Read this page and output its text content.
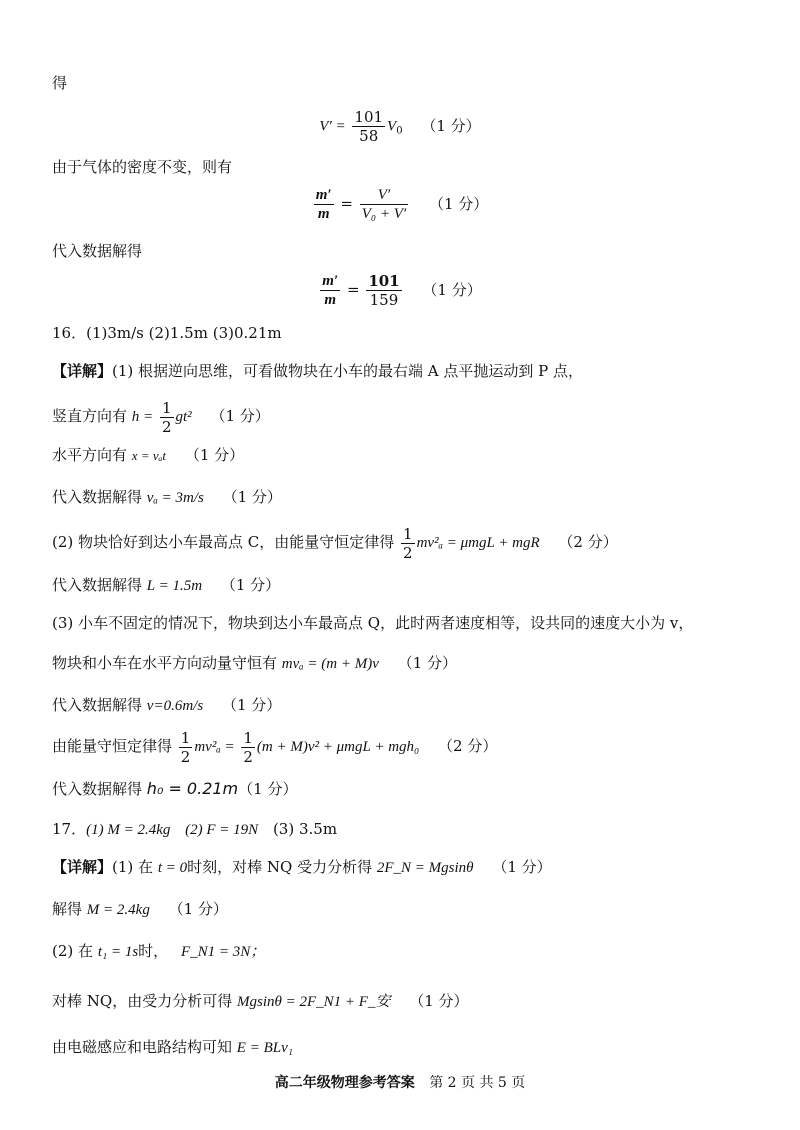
得
$V' = \frac{101}{58} V_0$ （1 分）
由于气体的密度不变，则有
$\frac{m'}{m} = \frac{V'}{\text{V₀ + V′}} (1$ 分）
代入数据解得
$\frac{m'}{m} = \frac{101}{159} (1$ 分）
16．(1)3m/s (2)1.5m (3)0.21m
【详解】(1) 根据逆向思维，可看做物块在小车的最右端 A 点平抛运动到 P 点，
竖直方向有 $h = \frac{1}{2} gt^2$ （1 分）
水平方向有 x = vₐt （1 分）
代入数据解得 vₐ = 3m/s （1 分）
(2) 物块恰好到达小车最高点 C，由能量守恒定律得 $\frac{1}{2} mv^2_a = \mu mgL$ + mgR （2 分）
代入数据解得 L = 1.5m （1 分）
(3) 小车不固定的情况下，物块到达小车最高点 Q，此时两者速度相等，设共同的速度大小为 v，
物块和小车在水平方向动量守恒有 mvₐ = (m + M)v （1 分）
代入数据解得 v=0.6m/s （1 分）
由能量守恒定律得 $\frac{1}{2} mv^2_a = \frac{1}{2} (m + M)v^2 + \mu mgL + mgh_0$ （2 分）
代入数据解得 h₀ = 0.21m（1 分）
17．(1) M = 2.4kg (2) F = 19N (3) 3.5m
【详解】(1) 在 t = 0时刻，对棒 NQ 受力分析得 2F_N = Mgsinθ （1 分）
解得 M = 2.4kg （1 分）
(2) 在 t₁ = 1s时， F_N1 = 3N；
对棒 NQ，由受力分析可得 Mgsinθ = 2F_N1 + F_安 （1 分）
由电磁感应和电路结构可知 E = BLv₁
高二年级物理参考答案 第 2 页 共 5 页
